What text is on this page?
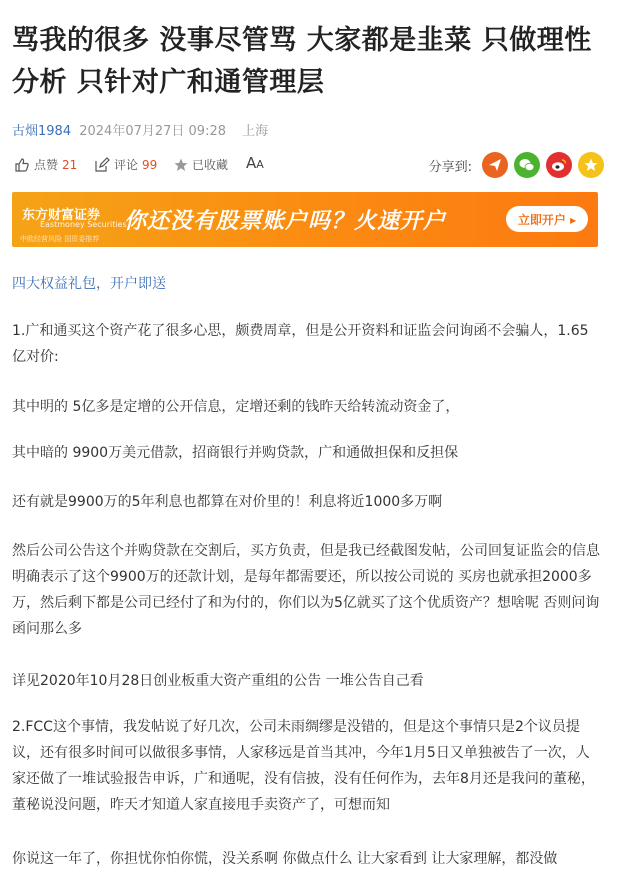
骂我的很多 没事尽管骂 大家都是韭菜 只做理性分析 只针对广和通管理层
古烟1984 2024年07月27日 09:28 上海
点赞 21	评论 99	已收藏 AA	分享到:
东方财富证券
Eastmoney Securities
中欧经营风险 国资委推荐
你还没有股票账户吗？火速开户	立即开户 ▸
四大权益礼包，开户即送

1.广和通买这个资产花了很多心思，颇费周章，但是公开资料和证监会问询函不会骗人，1.65亿对价:

其中明的 5亿多是定增的公开信息，定增还剩的钱昨天给转流动资金了，

其中暗的 9900万美元借款，招商银行并购贷款，广和通做担保和反担保

还有就是9900万的5年利息也都算在对价里的！利息将近1000多万啊

然后公司公告这个并购贷款在交割后，买方负责，但是我已经截图发帖，公司回复证监会的信息明确表示了这个9900万的还款计划，是每年都需要还，所以按公司说的 买房也就承担2000多万，然后剩下都是公司已经付了和为付的，你们以为5亿就买了这个优质资产？想啥呢 否则问询函问那么多

详见2020年10月28日创业板重大资产重组的公告 一堆公告自己看

2.FCC这个事情，我发帖说了好几次，公司未雨绸缪是没错的，但是这个事情只是2个议员提议，还有很多时间可以做很多事情，人家移远是首当其冲，今年1月5日又单独被告了一次，人家还做了一堆试验报告申诉，广和通呢，没有信披，没有任何作为，去年8月还是我问的董秘，董秘说没问题，昨天才知道人家直接甩手卖资产了，可想而知

你说这一年了，你担忧你怕你慌，没关系啊 你做点什么 让大家看到 让大家理解，都没做
